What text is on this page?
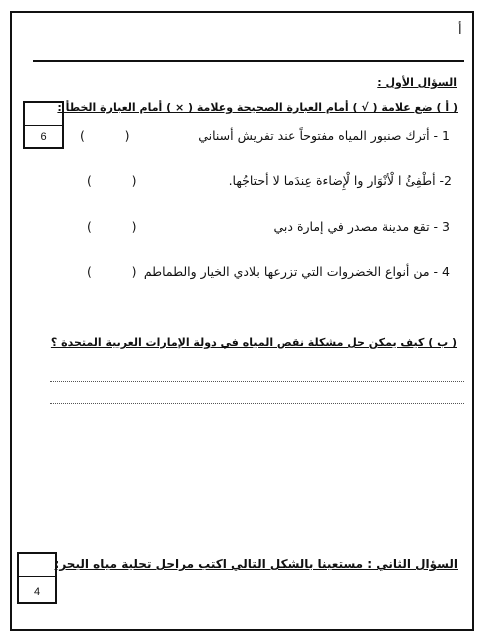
أ
السؤال الأول :
( أ ) ضع علامة ( √ ) أمام العبارة الصحيحة وعلامة ( × ) أمام العبارة الخطأ :
6	1 - أترك صنبور المياه مفتوحاً عند تفريش أسناني
(          )
2- أطْفِئُ ا لْأنْوَار وا لْإِضاءة عِندَما لا أحتاجُها.
(          )
3 - تقع مدينة مصدر في إمارة دبي
(          )
4 - من أنواع الخضروات التي تزرعها بلادي الخيار والطماطم
(          )
( ب ) كيف يمكن حل مشكلة نقص المياه في دولة الإمارات العربية المتحدة ؟
السؤال الثاني : مستعينا بالشكل التالي اكتب مراحل تحلية مياه البحر:
4
